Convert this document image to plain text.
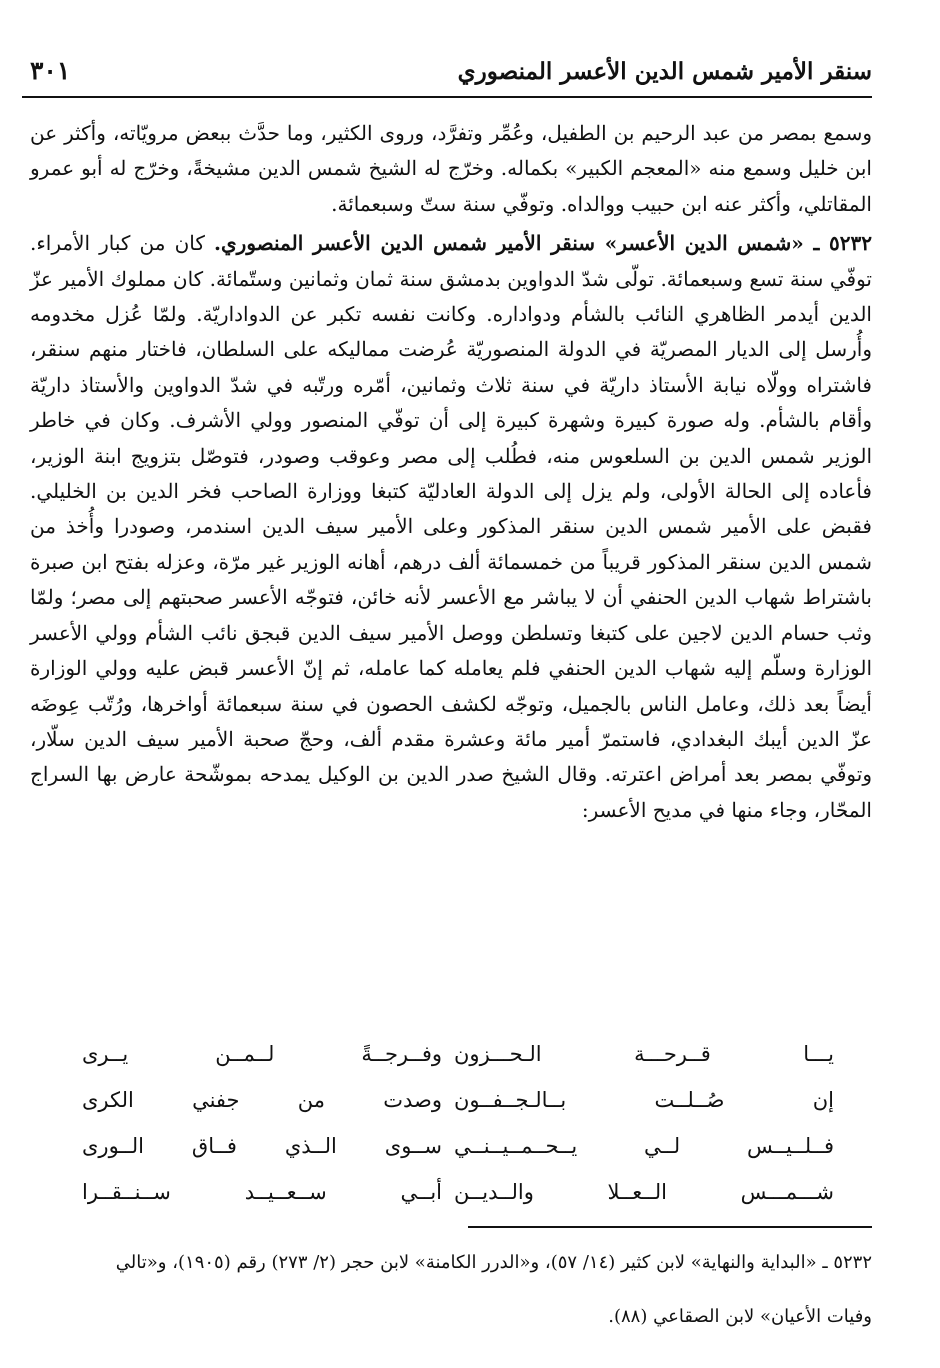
سنقر الأمير شمس الدين الأعسر المنصوري
٣٠١

وسمع بمصر من عبد الرحيم بن الطفيل، وعُمِّر وتفرَّد، وروى الكثير، وما حدَّث ببعض مرويّاته، وأكثر عن ابن خليل وسمع منه «المعجم الكبير» بكماله. وخرّج له الشيخ شمس الدين مشيخةً، وخرّج له أبو عمرو المقاتلي، وأكثر عنه ابن حبيب ووالداه. وتوفّي سنة ستّ وسبعمائة.

٥٢٣٢ ـ «شمس الدين الأعسر» سنقر الأمير شمس الدين الأعسر المنصوري. كان من كبار الأمراء. توفّي سنة تسع وسبعمائة. تولّى شدّ الدواوين بدمشق سنة ثمان وثمانين وستّمائة. كان مملوك الأمير عزّ الدين أيدمر الظاهري النائب بالشأم ودواداره. وكانت نفسه تكبر عن الدواداريّة. ولمّا عُزل مخدومه وأُرسل إلى الديار المصريّة في الدولة المنصوريّة عُرضت مماليكه على السلطان، فاختار منهم سنقر، فاشتراه وولّاه نيابة الأستاذ داريّة في سنة ثلاث وثمانين، أمّره ورتّبه في شدّ الدواوين والأستاذ داريّة وأقام بالشأم. وله صورة كبيرة وشهرة كبيرة إلى أن توفّي المنصور وولي الأشرف. وكان في خاطر الوزير شمس الدين بن السلعوس منه، فطُلب إلى مصر وعوقب وصودر، فتوصّل بتزويج ابنة الوزير، فأعاده إلى الحالة الأولى، ولم يزل إلى الدولة العادليّة كتبغا ووزارة الصاحب فخر الدين بن الخليلي. فقبض على الأمير شمس الدين سنقر المذكور وعلى الأمير سيف الدين اسندمر، وصودرا وأُخذ من شمس الدين سنقر المذكور قريباً من خمسمائة ألف درهم، أهانه الوزير غير مرّة، وعزله بفتح ابن صبرة باشتراط شهاب الدين الحنفي أن لا يباشر مع الأعسر لأنه خائن، فتوجّه الأعسر صحبتهم إلى مصر؛ ولمّا وثب حسام الدين لاجين على كتبغا وتسلطن ووصل الأمير سيف الدين قبجق نائب الشأم وولي الأعسر الوزارة وسلّم إليه شهاب الدين الحنفي فلم يعامله كما عامله، ثم إنّ الأعسر قبض عليه وولي الوزارة أيضاً بعد ذلك، وعامل الناس بالجميل، وتوجّه لكشف الحصون في سنة سبعمائة أواخرها، ورُتّب عِوضَه عزّ الدين أيبك البغدادي، فاستمرّ أمير مائة وعشرة مقدم ألف، وحجّ صحبة الأمير سيف الدين سلّار، وتوفّي بمصر بعد أمراض اعترته. وقال الشيخ صدر الدين بن الوكيل يمدحه بموشّحة عارض بها السراج المحّار، وجاء منها في مديح الأعسر:

يـــا قــرحـــة الـحـــزون
وفــرجــةً لــمــن يــرى
إن صُــلــت بــالـجــفــون
وصدت من جفني الكرى
فــلــيــس لــي يــحــمــيــنــي
ســوى الــذي فــاق الــورى
شـــمـــس الــعــلا والــديــن
أبــي ســعــيــد ســنــقــرا

٥٢٣٢ ـ «البداية والنهاية» لابن كثير (١٤/ ٥٧)، و«الدرر الكامنة» لابن حجر (٢/ ٢٧٣) رقم (١٩٠٥)، و«تالي

وفيات الأعيان» لابن الصقاعي (٨٨).
